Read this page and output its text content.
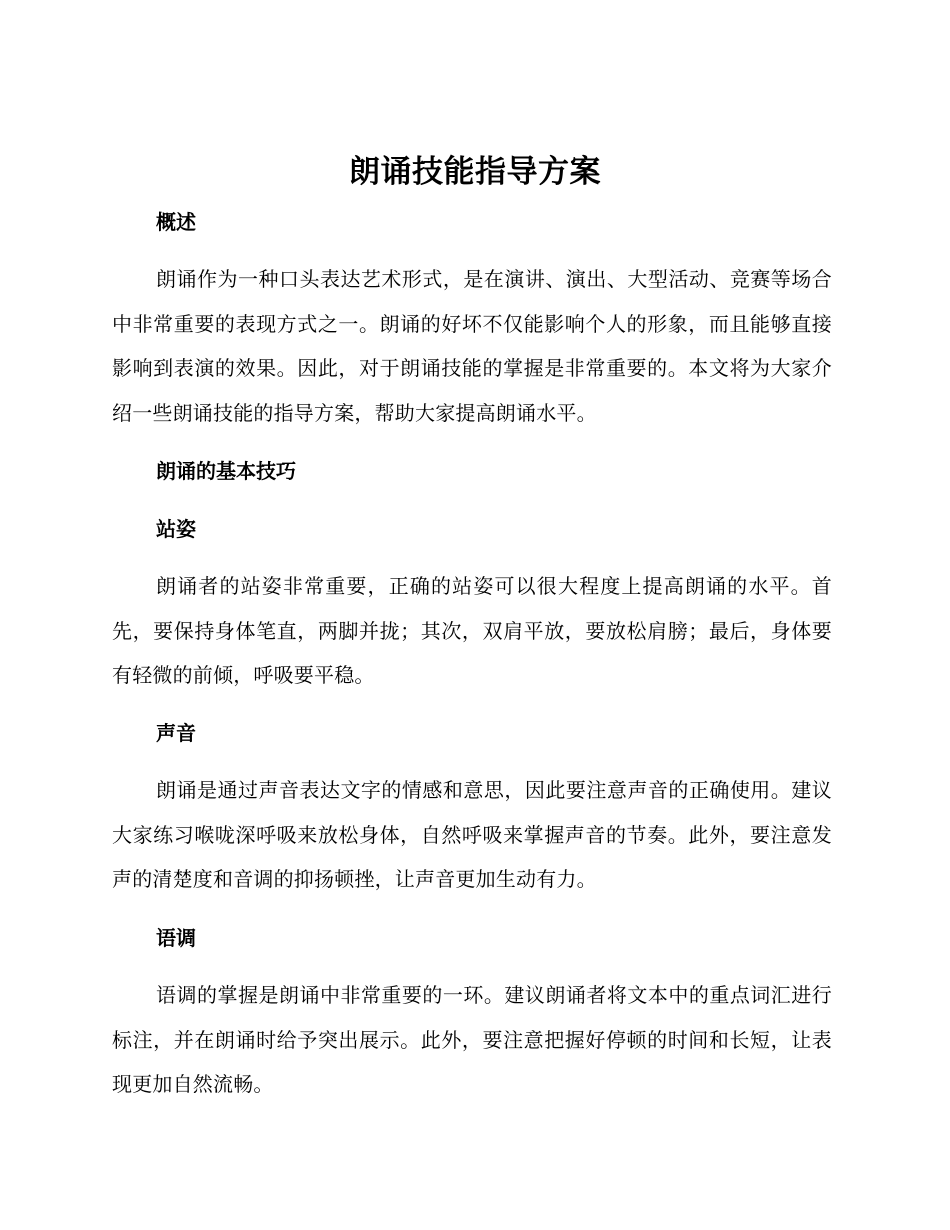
朗诵技能指导方案
概述
朗诵作为一种口头表达艺术形式，是在演讲、演出、大型活动、竞赛等场合中非常重要的表现方式之一。朗诵的好坏不仅能影响个人的形象，而且能够直接影响到表演的效果。因此，对于朗诵技能的掌握是非常重要的。本文将为大家介绍一些朗诵技能的指导方案，帮助大家提高朗诵水平。
朗诵的基本技巧
站姿
朗诵者的站姿非常重要，正确的站姿可以很大程度上提高朗诵的水平。首先，要保持身体笔直，两脚并拢；其次，双肩平放，要放松肩膀；最后，身体要有轻微的前倾，呼吸要平稳。
声音
朗诵是通过声音表达文字的情感和意思，因此要注意声音的正确使用。建议大家练习喉咙深呼吸来放松身体，自然呼吸来掌握声音的节奏。此外，要注意发声的清楚度和音调的抑扬顿挫，让声音更加生动有力。
语调
语调的掌握是朗诵中非常重要的一环。建议朗诵者将文本中的重点词汇进行标注，并在朗诵时给予突出展示。此外，要注意把握好停顿的时间和长短，让表现更加自然流畅。
